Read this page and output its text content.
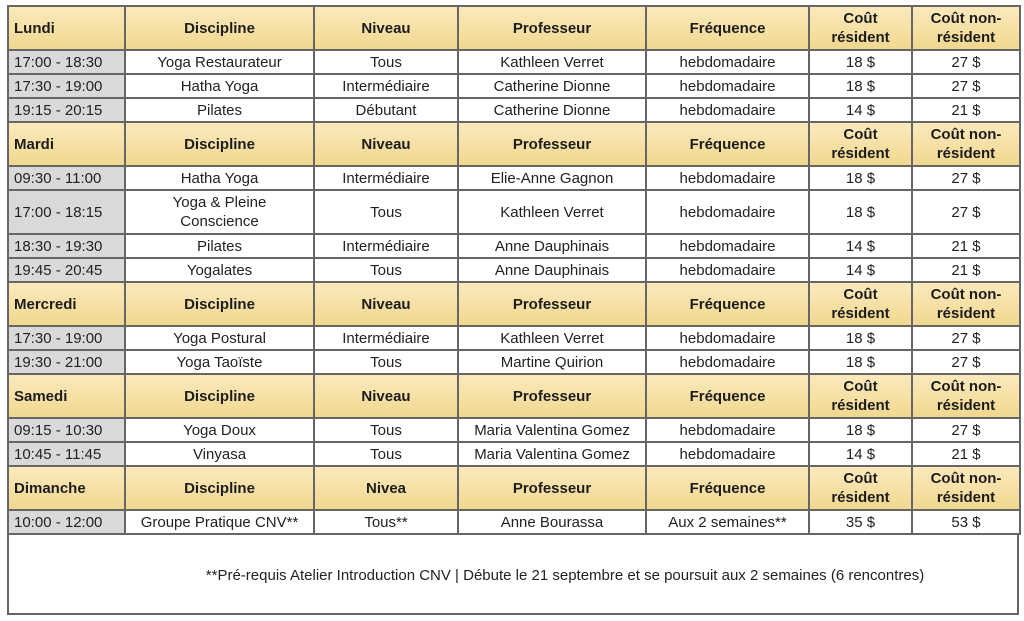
Lundi	Discipline	Niveau	Professeur	Fréquence	Coût résident	Coût non-résident
17:00 - 18:30	Yoga Restaurateur	Tous	Kathleen Verret	hebdomadaire	18 $	27 $
17:30 - 19:00	Hatha Yoga	Intermédiaire	Catherine Dionne	hebdomadaire	18 $	27 $
19:15 - 20:15	Pilates	Débutant	Catherine Dionne	hebdomadaire	14 $	21 $
Mardi	Discipline	Niveau	Professeur	Fréquence	Coût résident	Coût non-résident
09:30 - 11:00	Hatha Yoga	Intermédiaire	Elie-Anne Gagnon	hebdomadaire	18 $	27 $
17:00 - 18:15	Yoga & Pleine Conscience	Tous	Kathleen Verret	hebdomadaire	18 $	27 $
18:30 - 19:30	Pilates	Intermédiaire	Anne Dauphinais	hebdomadaire	14 $	21 $
19:45 - 20:45	Yogalates	Tous	Anne Dauphinais	hebdomadaire	14 $	21 $
Mercredi	Discipline	Niveau	Professeur	Fréquence	Coût résident	Coût non-résident
17:30 - 19:00	Yoga Postural	Intermédiaire	Kathleen Verret	hebdomadaire	18 $	27 $
19:30 - 21:00	Yoga Taoïste	Tous	Martine Quirion	hebdomadaire	18 $	27 $
Samedi	Discipline	Niveau	Professeur	Fréquence	Coût résident	Coût non-résident
09:15 - 10:30	Yoga Doux	Tous	Maria Valentina Gomez	hebdomadaire	18 $	27 $
10:45 - 11:45	Vinyasa	Tous	Maria Valentina Gomez	hebdomadaire	14 $	21 $
Dimanche	Discipline	Nivea	Professeur	Fréquence	Coût résident	Coût non-résident
10:00 - 12:00	Groupe Pratique CNV**	Tous**	Anne Bourassa	Aux 2 semaines**	35 $	53 $
**Pré-requis Atelier Introduction CNV | Débute le 21 septembre et se poursuit aux 2 semaines (6 rencontres)
